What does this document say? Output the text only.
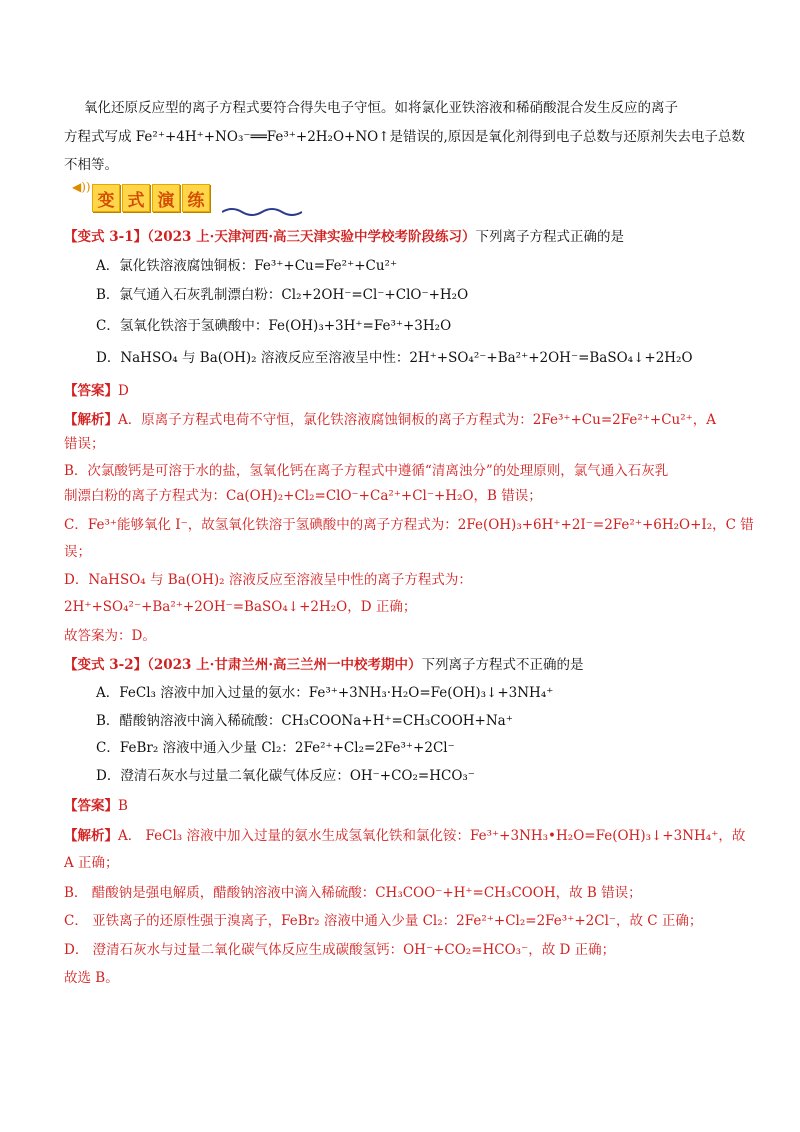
氧化还原反应型的离子方程式要符合得失电子守恒。如将氯化亚铁溶液和稀硝酸混合发生反应的离子
方程式写成 Fe²⁺+4H⁺+NO₃⁻══Fe³⁺+2H₂O+NO↑是错误的,原因是氧化剂得到电子总数与还原剂失去电子总数
不相等。
◀))
变 式 演 练
【变式 3-1】（2023 上·天津河西·高三天津实验中学校考阶段练习）下列离子方程式正确的是
A．氯化铁溶液腐蚀铜板：Fe³⁺+Cu=Fe²⁺+Cu²⁺
B．氯气通入石灰乳制漂白粉：Cl₂+2OH⁻=Cl⁻+ClO⁻+H₂O
C．氢氧化铁溶于氢碘酸中：Fe(OH)₃+3H⁺=Fe³⁺+3H₂O
D．NaHSO₄ 与 Ba(OH)₂ 溶液反应至溶液呈中性：2H⁺+SO₄²⁻+Ba²⁺+2OH⁻=BaSO₄↓+2H₂O
【答案】D
【解析】A．原离子方程式电荷不守恒，氯化铁溶液腐蚀铜板的离子方程式为：2Fe³⁺+Cu=2Fe²⁺+Cu²⁺，A
错误；
B．次氯酸钙是可溶于水的盐，氢氧化钙在离子方程式中遵循“清离浊分”的处理原则，氯气通入石灰乳
制漂白粉的离子方程式为：Ca(OH)₂+Cl₂=ClO⁻+Ca²⁺+Cl⁻+H₂O，B 错误；
C．Fe³⁺能够氧化 I⁻，故氢氧化铁溶于氢碘酸中的离子方程式为：2Fe(OH)₃+6H⁺+2I⁻=2Fe²⁺+6H₂O+I₂，C 错
误；
D．NaHSO₄ 与 Ba(OH)₂ 溶液反应至溶液呈中性的离子方程式为：
2H⁺+SO₄²⁻+Ba²⁺+2OH⁻=BaSO₄↓+2H₂O，D 正确；
故答案为：D。
【变式 3-2】（2023 上·甘肃兰州·高三兰州一中校考期中）下列离子方程式不正确的是
A．FeCl₃ 溶液中加入过量的氨水：Fe³⁺+3NH₃·H₂O=Fe(OH)₃↓+3NH₄⁺
B．醋酸钠溶液中滴入稀硫酸：CH₃COONa+H⁺=CH₃COOH+Na⁺
C．FeBr₂ 溶液中通入少量 Cl₂：2Fe²⁺+Cl₂=2Fe³⁺+2Cl⁻
D．澄清石灰水与过量二氧化碳气体反应：OH⁻+CO₂=HCO₃⁻
【答案】B
【解析】A． FeCl₃ 溶液中加入过量的氨水生成氢氧化铁和氯化铵：Fe³⁺+3NH₃•H₂O=Fe(OH)₃↓+3NH₄⁺，故
A 正确；
B． 醋酸钠是强电解质，醋酸钠溶液中滴入稀硫酸：CH₃COO⁻+H⁺=CH₃COOH，故 B 错误；
C． 亚铁离子的还原性强于溴离子，FeBr₂ 溶液中通入少量 Cl₂：2Fe²⁺+Cl₂=2Fe³⁺+2Cl⁻，故 C 正确；
D． 澄清石灰水与过量二氧化碳气体反应生成碳酸氢钙：OH⁻+CO₂=HCO₃⁻，故 D 正确；
故选 B。
